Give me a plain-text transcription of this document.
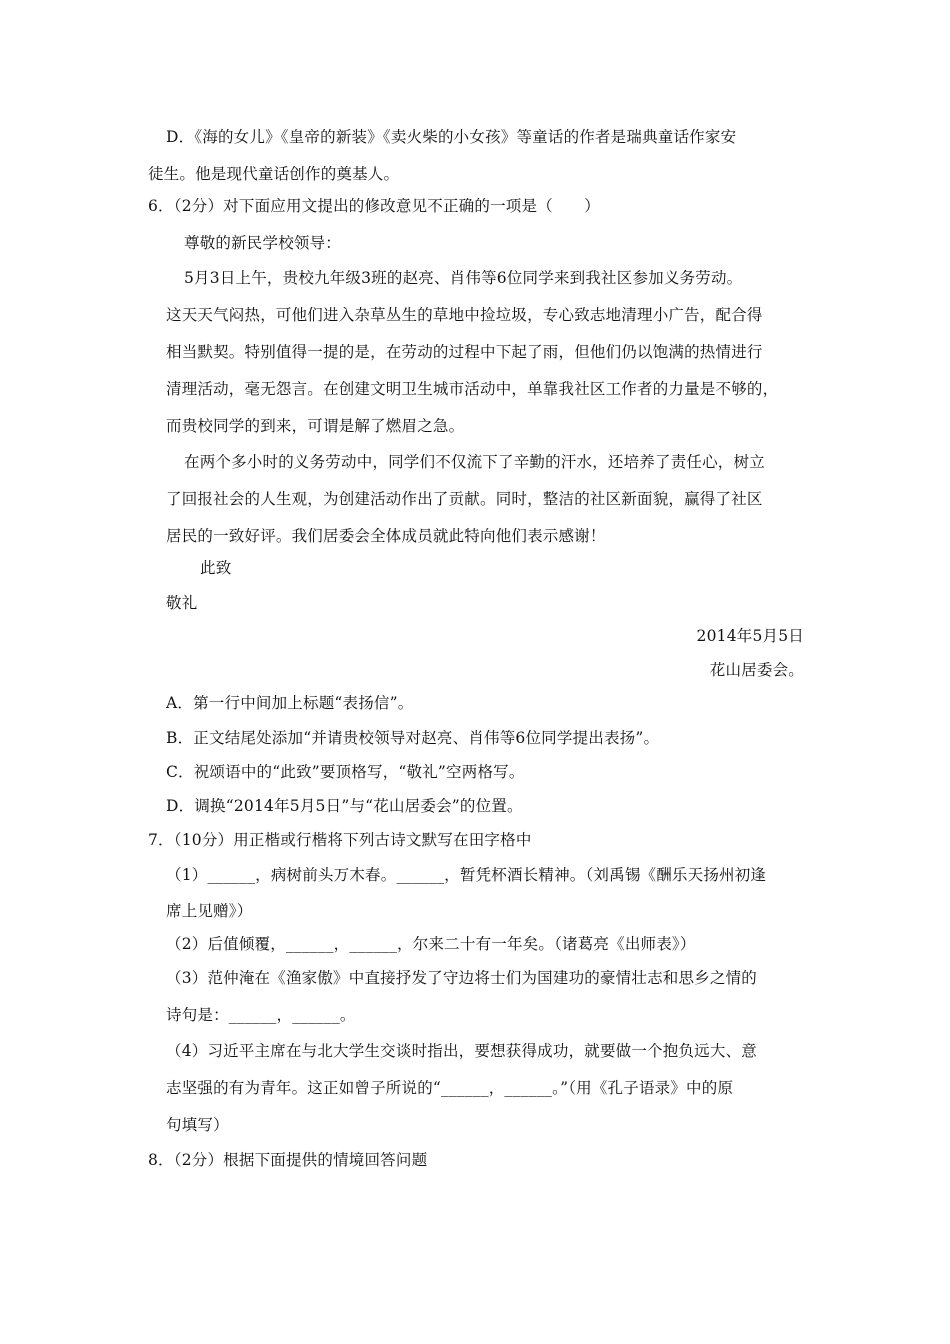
D．《海的女儿》《皇帝的新装》《卖火柴的小女孩》等童话的作者是瑞典童话作家安
徒生。他是现代童话创作的奠基人。
6．（2分）对下面应用文提出的修改意见不正确的一项是（　　）
尊敬的新民学校领导：
5月3日上午，贵校九年级3班的赵亮、肖伟等6位同学来到我社区参加义务劳动。
这天天气闷热，可他们进入杂草丛生的草地中捡垃圾，专心致志地清理小广告，配合得
相当默契。特别值得一提的是，在劳动的过程中下起了雨，但他们仍以饱满的热情进行
清理活动，毫无怨言。在创建文明卫生城市活动中，单靠我社区工作者的力量是不够的，
而贵校同学的到来，可谓是解了燃眉之急。
在两个多小时的义务劳动中，同学们不仅流下了辛勤的汗水，还培养了责任心，树立
了回报社会的人生观，为创建活动作出了贡献。同时，整洁的社区新面貌，赢得了社区
居民的一致好评。我们居委会全体成员就此特向他们表示感谢！
此致
敬礼
2014年5月5日
花山居委会。
A．第一行中间加上标题“表扬信”。
B．正文结尾处添加“并请贵校领导对赵亮、肖伟等6位同学提出表扬”。
C．祝颂语中的“此致”要顶格写，“敬礼”空两格写。
D．调换“2014年5月5日”与“花山居委会”的位置。
7．（10分）用正楷或行楷将下列古诗文默写在田字格中
（1）______，病树前头万木春。______，暂凭杯酒长精神。（刘禹锡《酬乐天扬州初逢
席上见赠》）
（2）后值倾覆，______，______，尔来二十有一年矣。（诸葛亮《出师表》）
（3）范仲淹在《渔家傲》中直接抒发了守边将士们为国建功的豪情壮志和思乡之情的
诗句是：______，______。
（4）习近平主席在与北大学生交谈时指出，要想获得成功，就要做一个抱负远大、意
志坚强的有为青年。这正如曾子所说的“______，______。”（用《孔子语录》中的原
句填写）
8．（2分）根据下面提供的情境回答问题
